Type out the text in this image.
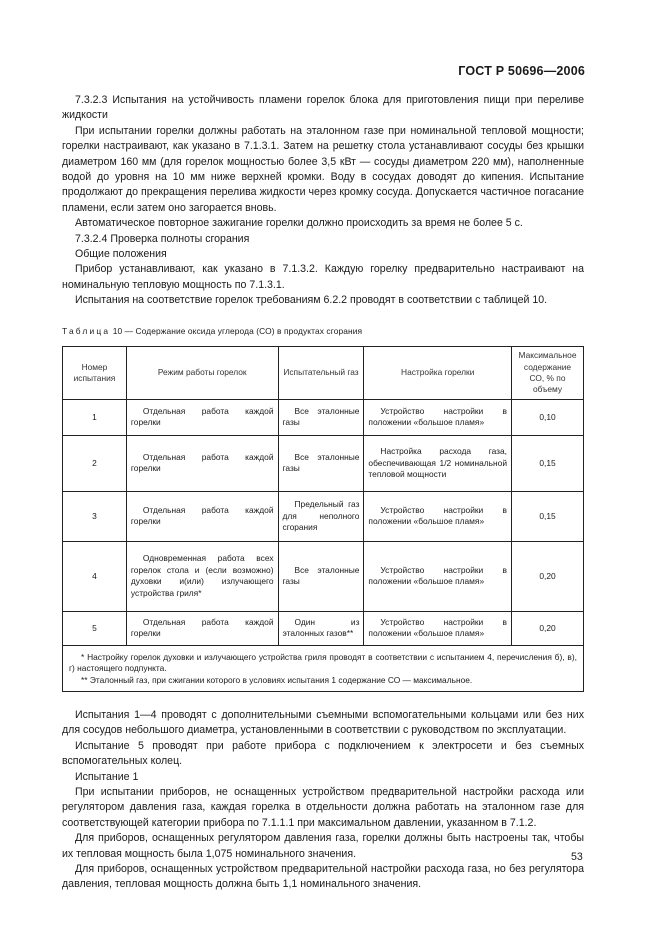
ГОСТ Р 50696—2006

7.3.2.3 Испытания на устойчивость пламени горелок блока для приготовления пищи при переливе жидкости

При испытании горелки должны работать на эталонном газе при номинальной тепловой мощности; горелки настраивают, как указано в 7.1.3.1. Затем на решетку стола устанавливают сосуды без крышки диаметром 160 мм (для горелок мощностью более 3,5 кВт — сосуды диаметром 220 мм), наполненные водой до уровня на 10 мм ниже верхней кромки. Воду в сосудах доводят до кипения. Испытание продолжают до прекращения перелива жидкости через кромку сосуда. Допускается частичное погасание пламени, если затем оно загорается вновь.

Автоматическое повторное зажигание горелки должно происходить за время не более 5 с.

7.3.2.4 Проверка полноты сгорания

Общие положения

Прибор устанавливают, как указано в 7.1.3.2. Каждую горелку предварительно настраивают на номинальную тепловую мощность по 7.1.3.1.

Испытания на соответствие горелок требованиям 6.2.2 проводят в соответствии с таблицей 10.

Таблица 10 — Содержание оксида углерода (СО) в продуктах сгорания
Номер испытания	Режим работы горелок	Испытательный газ	Настройка горелки	Максимальное содержание СО, % по объему
1	Отдельная работа каждой горелки	Все эталонные газы	Устройство настройки в положении «большое пламя»	0,10
2	Отдельная работа каждой горелки	Все эталонные газы	Настройка расхода газа, обеспечивающая 1/2 номинальной тепловой мощности	0,15
3	Отдельная работа каждой горелки	Предельный газ для неполного сгорания	Устройство настройки в положении «большое пламя»	0,15
4	Одновременная работа всех горелок стола и (если возможно) духовки и(или) излучающего устройства гриля*	Все эталонные газы	Устройство настройки в положении «большое пламя»	0,20
5	Отдельная работа каждой горелки	Один из эталонных газов**	Устройство настройки в положении «большое пламя»	0,20

* Настройку горелок духовки и излучающего устройства гриля проводят в соответствии с испытанием 4, перечисления б), в), г) настоящего подпункта.

** Эталонный газ, при сжигании которого в условиях испытания 1 содержание СО — максимальное.				

Испытания 1—4 проводят с дополнительными съемными вспомогательными кольцами или без них для сосудов небольшого диаметра, установленными в соответствии с руководством по эксплуатации.

Испытание 5 проводят при работе прибора с подключением к электросети и без съемных вспомогательных колец.

Испытание 1

При испытании приборов, не оснащенных устройством предварительной настройки расхода или регулятором давления газа, каждая горелка в отдельности должна работать на эталонном газе для соответствующей категории прибора по 7.1.1.1 при максимальном давлении, указанном в 7.1.2.

Для приборов, оснащенных регулятором давления газа, горелки должны быть настроены так, чтобы их тепловая мощность была 1,075 номинального значения.

Для приборов, оснащенных устройством предварительной настройки расхода газа, но без регулятора давления, тепловая мощность должна быть 1,1 номинального значения.

53
